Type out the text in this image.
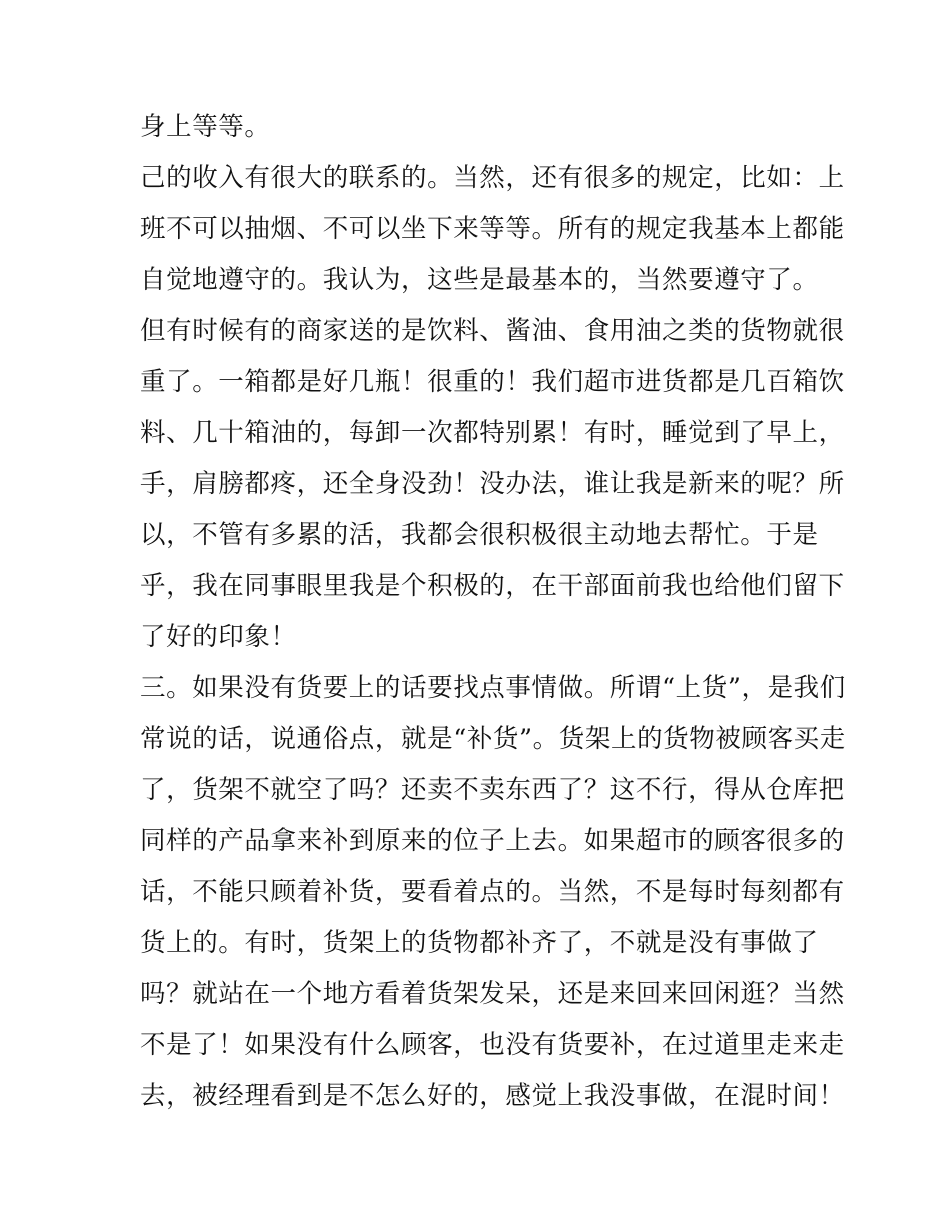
身上等等。
己的收入有很大的联系的。当然，还有很多的规定，比如：上
班不可以抽烟、不可以坐下来等等。所有的规定我基本上都能
自觉地遵守的。我认为，这些是最基本的，当然要遵守了。
但有时候有的商家送的是饮料、酱油、食用油之类的货物就很
重了。一箱都是好几瓶！很重的！我们超市进货都是几百箱饮
料、几十箱油的，每卸一次都特别累！有时，睡觉到了早上，
手，肩膀都疼，还全身没劲！没办法，谁让我是新来的呢？所
以，不管有多累的活，我都会很积极很主动地去帮忙。于是
乎，我在同事眼里我是个积极的，在干部面前我也给他们留下
了好的印象！
三。如果没有货要上的话要找点事情做。所谓“上货”，是我们
常说的话，说通俗点，就是“补货”。货架上的货物被顾客买走
了，货架不就空了吗？还卖不卖东西了？这不行，得从仓库把
同样的产品拿来补到原来的位子上去。如果超市的顾客很多的
话，不能只顾着补货，要看着点的。当然，不是每时每刻都有
货上的。有时，货架上的货物都补齐了，不就是没有事做了
吗？就站在一个地方看着货架发呆，还是来回来回闲逛？当然
不是了！如果没有什么顾客，也没有货要补，在过道里走来走
去，被经理看到是不怎么好的，感觉上我没事做，在混时间！
